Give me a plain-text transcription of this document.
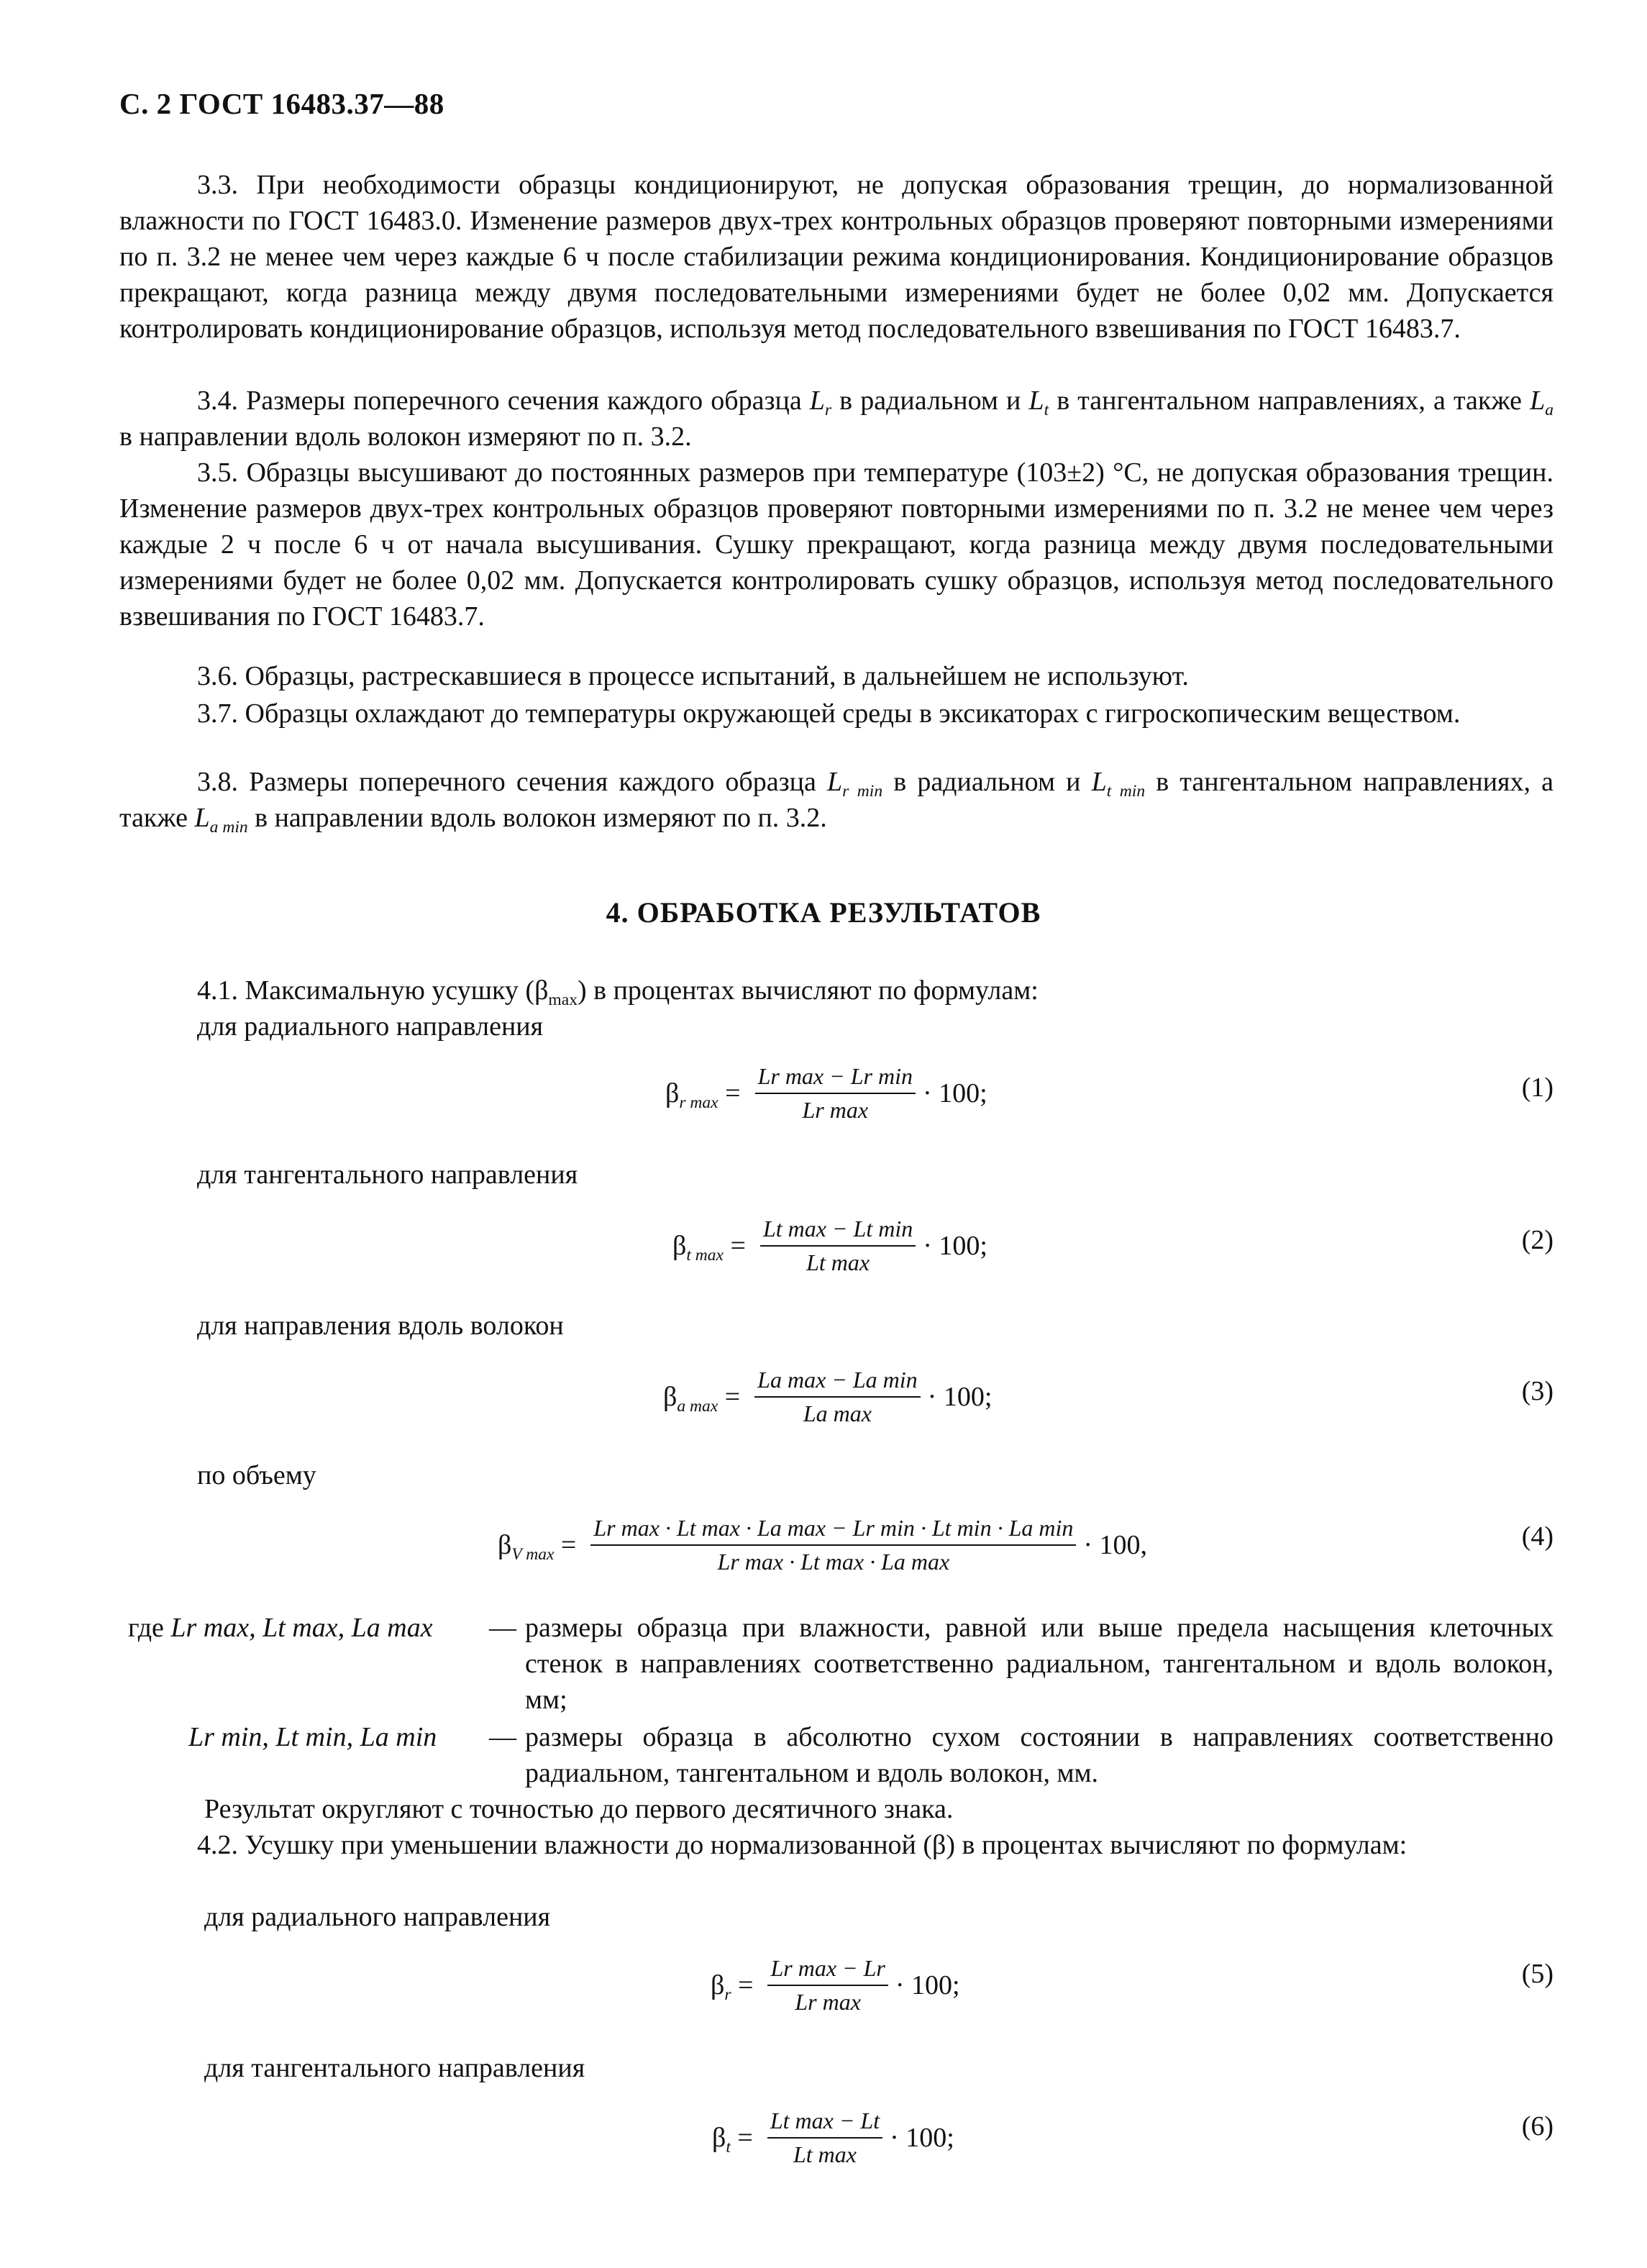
С. 2 ГОСТ 16483.37—88
3.3. При необходимости образцы кондиционируют, не допуская образования трещин, до нормализованной влажности по ГОСТ 16483.0. Изменение размеров двух-трех контрольных образцов проверяют повторными измерениями по п. 3.2 не менее чем через каждые 6 ч после стабилизации режима кондиционирования. Кондиционирование образцов прекращают, когда разница между двумя последовательными измерениями будет не более 0,02 мм. Допускается контролировать кондиционирование образцов, используя метод последовательного взвешивания по ГОСТ 16483.7.
3.4. Размеры поперечного сечения каждого образца $L_r$ в радиальном и $L_t$ в тангентальном направлениях, а также $L_a$ в направлении вдоль волокон измеряют по п. 3.2.
3.5. Образцы высушивают до постоянных размеров при температуре (103±2) °С, не допуская образования трещин. Изменение размеров двух-трех контрольных образцов проверяют повторными измерениями по п. 3.2 не менее чем через каждые 2 ч после 6 ч от начала высушивания. Сушку прекращают, когда разница между двумя последовательными измерениями будет не более 0,02 мм. Допускается контролировать сушку образцов, используя метод последовательного взвешивания по ГОСТ 16483.7.
3.6. Образцы, растрескавшиеся в процессе испытаний, в дальнейшем не используют.
3.7. Образцы охлаждают до температуры окружающей среды в эксикаторах с гигроскопическим веществом.
3.8. Размеры поперечного сечения каждого образца $L_{r min}$ в радиальном и $L_{t min}$ в тангентальном направлениях, а также $L_{a min}$ в направлении вдоль волокон измеряют по п. 3.2.
4. ОБРАБОТКА РЕЗУЛЬТАТОВ
4.1. Максимальную усушку $(\beta_{max})$ в процентах вычисляют по формулам:
для радиального направления
$\beta_{r max} = \frac{\text{Lr max − Lr min}}{\text{Lr max}} \cdot 100$;	(1)
для тангентального направления
$\beta_{t max} = \frac{\text{Lt max − Lt min}}{\text{Lt max}} \cdot 100$;	(2)
для направления вдоль волокон
$\beta_{a max} = \frac{\text{La max − La min}}{\text{La max}} \cdot 100$;	(3)
по объему
$\beta_{V max} = \frac{\text{Lr max · Lt max · La max − Lr min · Lt min · La min}}{\text{Lr max · Lt max · La max}} \cdot 100$,	(4)
где Lr max, Lt max, La max — размеры образца при влажности, равной или выше предела насыщения клеточных стенок в направлениях соответственно радиальном, тангентальном и вдоль волокон, мм;
Lr min, Lt min, La min — размеры образца в абсолютно сухом состоянии в направлениях соответственно радиальном, тангентальном и вдоль волокон, мм.
Результат округляют с точностью до первого десятичного знака.
4.2. Усушку при уменьшении влажности до нормализованной (β) в процентах вычисляют по формулам:
для радиального направления
$\beta_r = \frac{\text{Lr max − Lr}}{\text{Lr max}} \cdot 100$;	(5)
для тангентального направления
$\beta_t = \frac{\text{Lt max − Lt}}{\text{Lt max}} \cdot 100$;	(6)
